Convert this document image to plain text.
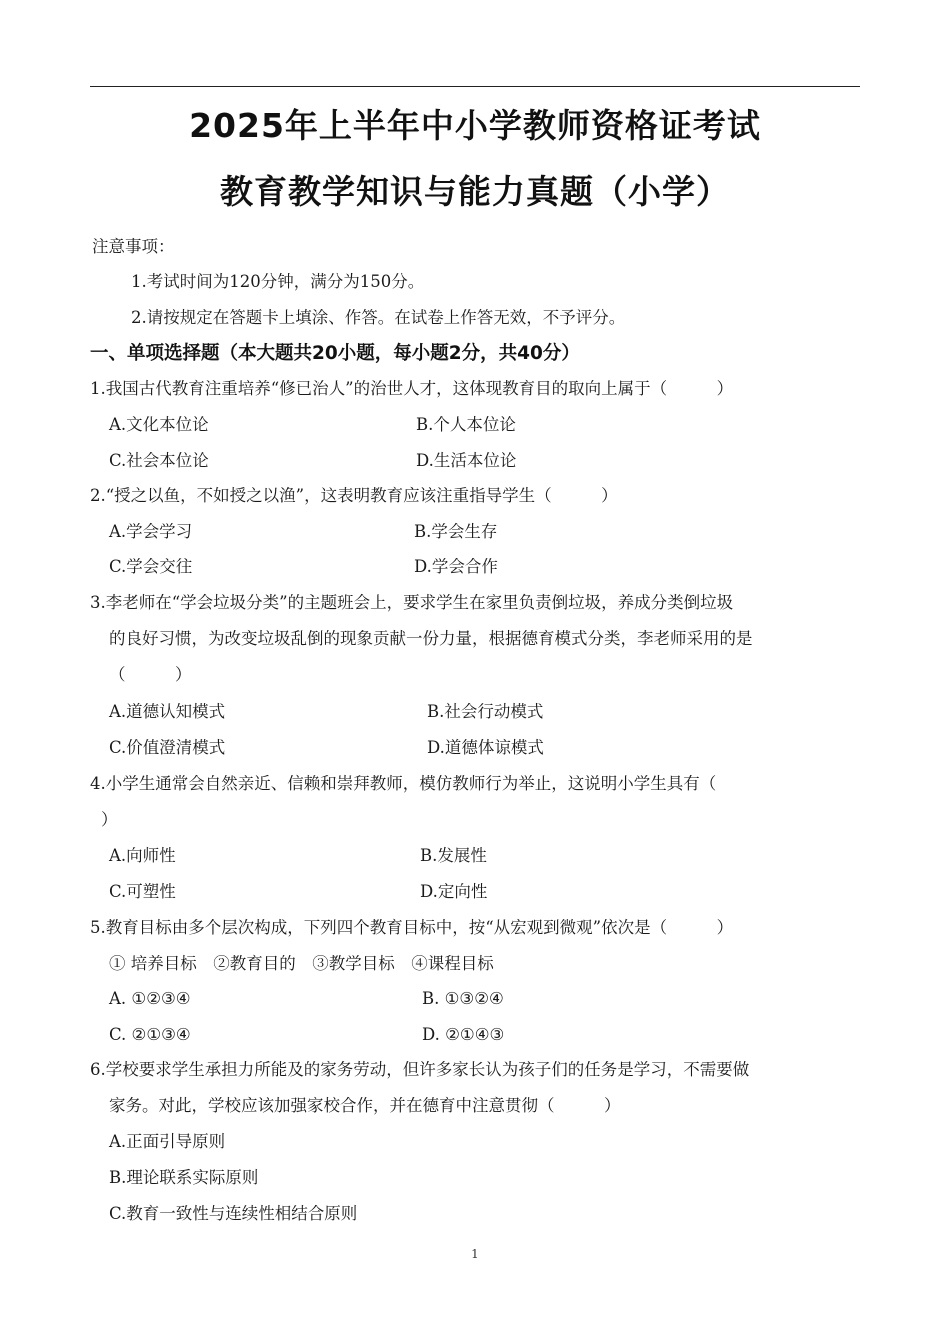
2025年上半年中小学教师资格证考试
教育教学知识与能力真题（小学）
注意事项：
1.考试时间为120分钟，满分为150分。
2.请按规定在答题卡上填涂、作答。在试卷上作答无效，不予评分。
一、单项选择题（本大题共20小题，每小题2分，共40分）
1.我国古代教育注重培养“修已治人”的治世人才，这体现教育目的取向上属于（　　　）
A.文化本位论	B.个人本位论
C.社会本位论	D.生活本位论
2.“授之以鱼，不如授之以渔”，这表明教育应该注重指导学生（　　　）
A.学会学习	B.学会生存
C.学会交往	D.学会合作
3.李老师在“学会垃圾分类”的主题班会上，要求学生在家里负责倒垃圾，养成分类倒垃圾
的良好习惯，为改变垃圾乱倒的现象贡献一份力量，根据德育模式分类，李老师采用的是
（　　　）
A.道德认知模式	B.社会行动模式
C.价值澄清模式	D.道德体谅模式
4.小学生通常会自然亲近、信赖和崇拜教师，模仿教师行为举止，这说明小学生具有（
）
A.向师性	B.发展性
C.可塑性	D.定向性
5.教育目标由多个层次构成，下列四个教育目标中，按“从宏观到微观”依次是（　　　）
① 培养目标　②教育目的　③教学目标　④课程目标
A. ①②③④	B. ①③②④
C. ②①③④	D. ②①④③
6.学校要求学生承担力所能及的家务劳动，但许多家长认为孩子们的任务是学习，不需要做
家务。对此，学校应该加强家校合作，并在德育中注意贯彻（　　　）
A.正面引导原则
B.理论联系实际原则
C.教育一致性与连续性相结合原则
1
